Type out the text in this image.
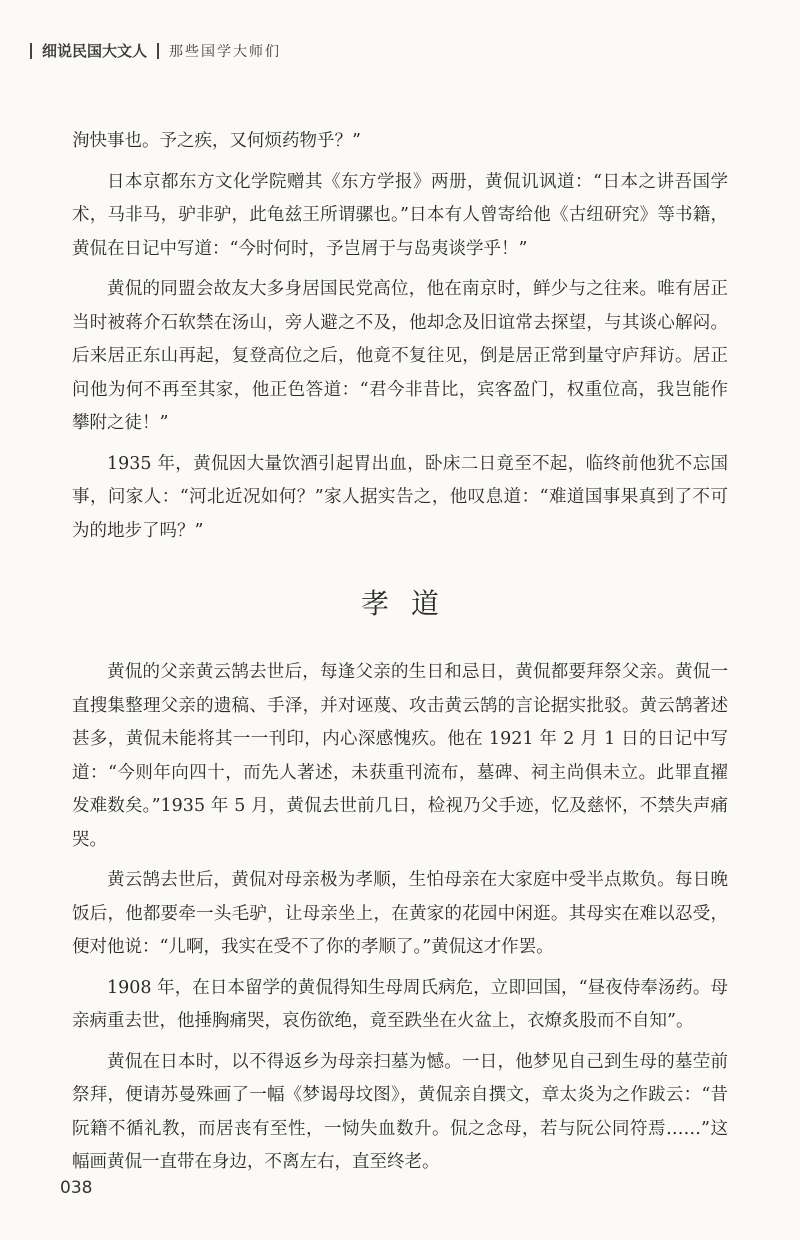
细说民国大文人 那些国学大师们

洵快事也。予之疾，又何烦药物乎？”

日本京都东方文化学院赠其《东方学报》两册，黄侃讥讽道：“日本之讲吾国学术，马非马，驴非驴，此龟兹王所谓骡也。”日本有人曾寄给他《古纽研究》等书籍，黄侃在日记中写道：“今时何时，予岂屑于与岛夷谈学乎！”

黄侃的同盟会故友大多身居国民党高位，他在南京时，鲜少与之往来。唯有居正当时被蒋介石软禁在汤山，旁人避之不及，他却念及旧谊常去探望，与其谈心解闷。后来居正东山再起，复登高位之后，他竟不复往见，倒是居正常到量守庐拜访。居正问他为何不再至其家，他正色答道：“君今非昔比，宾客盈门，权重位高，我岂能作攀附之徒！”

1935 年，黄侃因大量饮酒引起胃出血，卧床二日竟至不起，临终前他犹不忘国事，问家人：“河北近况如何？”家人据实告之，他叹息道：“难道国事果真到了不可为的地步了吗？”

孝道

黄侃的父亲黄云鹄去世后，每逢父亲的生日和忌日，黄侃都要拜祭父亲。黄侃一直搜集整理父亲的遗稿、手泽，并对诬蔑、攻击黄云鹄的言论据实批驳。黄云鹄著述甚多，黄侃未能将其一一刊印，内心深感愧疚。他在 1921 年 2 月 1 日的日记中写道：“今则年向四十，而先人著述，未获重刊流布，墓碑、祠主尚俱未立。此罪直擢发难数矣。”1935 年 5 月，黄侃去世前几日，检视乃父手迹，忆及慈怀，不禁失声痛哭。

黄云鹄去世后，黄侃对母亲极为孝顺，生怕母亲在大家庭中受半点欺负。每日晚饭后，他都要牵一头毛驴，让母亲坐上，在黄家的花园中闲逛。其母实在难以忍受，便对他说：“儿啊，我实在受不了你的孝顺了。”黄侃这才作罢。

1908 年，在日本留学的黄侃得知生母周氏病危，立即回国，“昼夜侍奉汤药。母亲病重去世，他捶胸痛哭，哀伤欲绝，竟至跌坐在火盆上，衣燎炙股而不自知”。

黄侃在日本时，以不得返乡为母亲扫墓为憾。一日，他梦见自己到生母的墓茔前祭拜，便请苏曼殊画了一幅《梦谒母坟图》，黄侃亲自撰文，章太炎为之作跋云：“昔阮籍不循礼教，而居丧有至性，一恸失血数升。侃之念母，若与阮公同符焉……”这幅画黄侃一直带在身边，不离左右，直至终老。

038
